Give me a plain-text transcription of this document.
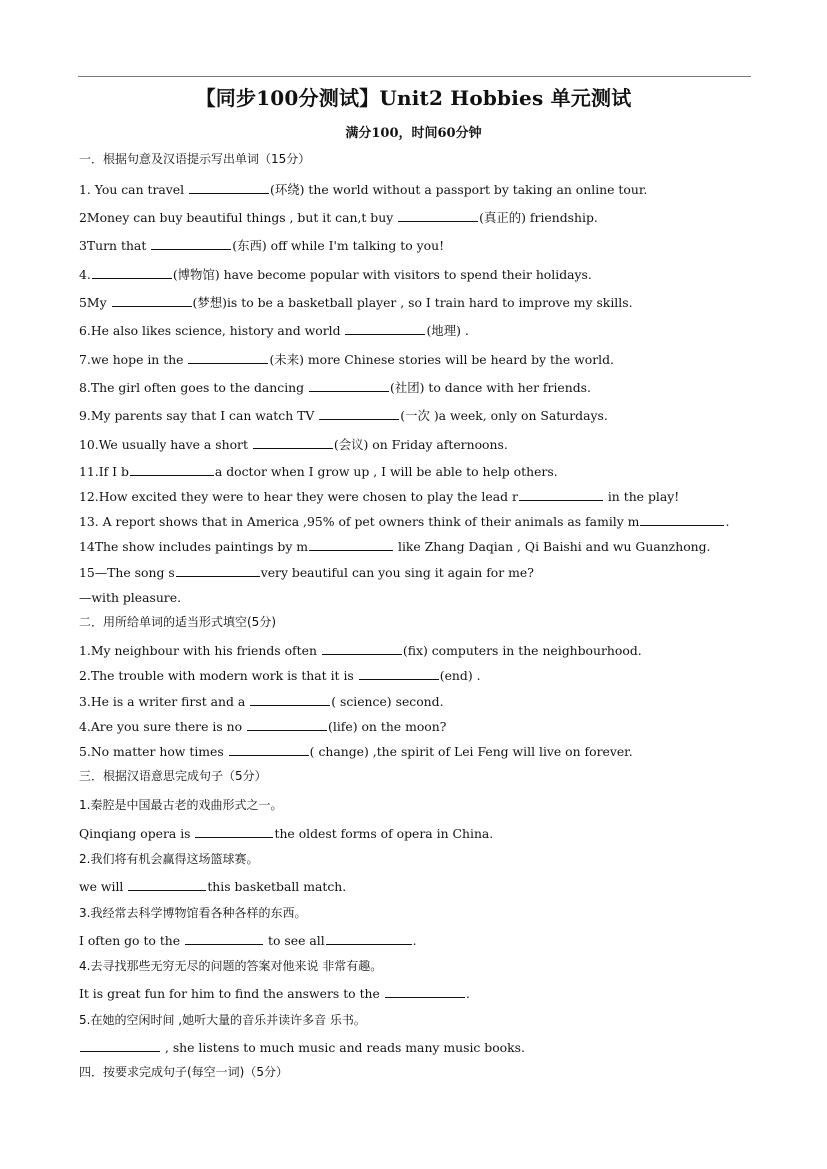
【同步100分测试】Unit2 Hobbies 单元测试
满分100，时间60分钟
一．根据句意及汉语提示写出单词（15分）
1. You can travel	(环绕) the world without a passport by taking an online tour.
2Money can buy beautiful things , but it can,t buy	(真正的) friendship.
3Turn that	(东西) off while I'm talking to you!
4.	(博物馆) have become popular with visitors to spend their holidays.
5My	(梦想)is to be a basketball player , so I train hard to improve my skills.
6.He also likes science, history and world	(地理) .
7.we hope in the	(未来) more Chinese stories will be heard by the world.
8.The girl often goes to the dancing	(社团) to dance with her friends.
9.My parents say that I can watch TV	(一次 )a week, only on Saturdays.
10.We usually have a short	(会议) on Friday afternoons.
11.If I b	a doctor when I grow up , I will be able to help others.
12.How excited they were to hear they were chosen to play the lead r	in the play!
13. A report shows that in America ,95% of pet owners think of their animals as family m	.
14The show includes paintings by m	like Zhang Daqian , Qi Baishi and wu Guanzhong.
15—The song s	very beautiful can you sing it again for me?
—with pleasure.
二．用所给单词的适当形式填空(5分)
1.My neighbour with his friends often	(fix) computers in the neighbourhood.
2.The trouble with modern work is that it is	(end) .
3.He is a writer first and a	( science) second.
4.Are you sure there is no	(life) on the moon?
5.No matter how times	( change) ,the spirit of Lei Feng will live on forever.
三．根据汉语意思完成句子（5分）
1.秦腔是中国最古老的戏曲形式之一。
Qinqiang opera is	the oldest forms of opera in China.
2.我们将有机会赢得这场篮球赛。
we will	this basketball match.
3.我经常去科学博物馆看各种各样的东西。
I often go to the	to see all	.
4.去寻找那些无穷无尽的问题的答案对他来说 非常有趣。
It is great fun for him to find the answers to the	.
5.在她的空闲时间 ,她听大量的音乐并读许多音 乐书。
, she listens to much music and reads many music books.
四．按要求完成句子(每空一词)（5分）
